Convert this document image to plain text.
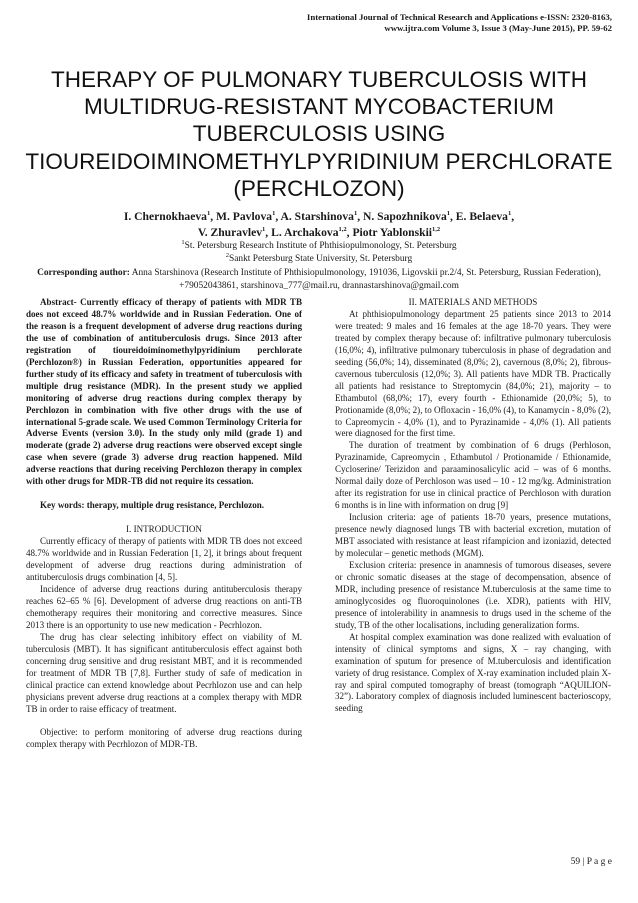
International Journal of Technical Research and Applications e-ISSN: 2320-8163,
www.ijtra.com Volume 3, Issue 3 (May-June 2015), PP. 59-62
THERAPY OF PULMONARY TUBERCULOSIS WITH MULTIDRUG-RESISTANT MYCOBACTERIUM TUBERCULOSIS USING TIOUREIDOIMINOMETHYLPYRIDINIUM PERCHLORATE (PERCHLOZON)
I. Chernokhaeva$^1$, M. Pavlova$^1$, A. Starshinova$^1$, N. Sapozhnikova$^1$, E. Belaeva$^1$,
V. Zhuravlev$^1$, L. Archakova$^{1,2}$, Piotr Yablonskii$^{1,2}$
$^1$St. Petersburg Research Institute of Phthisiopulmonology, St. Petersburg
$^2$Sankt Petersburg State University, St. Petersburg
Corresponding author: Anna Starshinova (Research Institute of Phthisiopulmonology, 191036, Ligovskii pr.2/4, St. Petersburg, Russian Federation), +79052043861, starshinova_777@mail.ru, drannastarshinova@gmail.com

Abstract- Currently efficacy of therapy of patients with MDR TB does not exceed 48.7% worldwide and in Russian Federation. One of the reason is a frequent development of adverse drug reactions during the use of combination of antituberculosis drugs. Since 2013 after registration of tioureidoiminomethylpyridinium perchlorate (Perchlozon®) in Russian Federation, opportunities appeared for further study of its efficacy and safety in treatment of tuberculosis with multiple drug resistance (MDR). In the present study we applied monitoring of adverse drug reactions during complex therapy by Perchlozon in combination with five other drugs with the use of international 5-grade scale. We used Common Terminology Criteria for Adverse Events (version 3.0). In the study only mild (grade 1) and moderate (grade 2) adverse drug reactions were observed except single case when severe (grade 3) adverse drug reaction happened. Mild adverse reactions that during receiving Perchlozon therapy in complex with other drugs for MDR-TB did not require its cessation.

Key words: therapy, multiple drug resistance, Perchlozon.

I. INTRODUCTION

Currently efficacy of therapy of patients with MDR TB does not exceed 48.7% worldwide and in Russian Federation [1, 2], it brings about frequent development of adverse drug reactions during administration of antituberculosis drugs combination [4, 5].

Incidence of adverse drug reactions during antituberculosis therapy reaches 62–65 % [6]. Development of adverse drug reactions on anti-TB chemotherapy requires their monitoring and corrective measures. Since 2013 there is an opportunity to use new medication - Pecrhlozon.

The drug has clear selecting inhibitory effect on viability of M. tuberculosis (MBT). It has significant antituberculosis effect against both concerning drug sensitive and drug resistant MBT, and it is recommended for treatment of MDR TB [7,8]. Further study of safe of medication in clinical practice can extend knowledge about Pecrhlozon use and can help physicians prevent adverse drug reactions at a complex therapy with MDR TB in order to raise efficacy of treatment.

Objective: to perform monitoring of adverse drug reactions during complex therapy with Pecrhlozon of MDR-TB.

II. MATERIALS AND METHODS

At phthisiopulmonology department 25 patients since 2013 to 2014 were treated: 9 males and 16 females at the age 18-70 years. They were treated by complex therapy because of: infiltrative pulmonary tuberculosis (16,0%; 4), infiltrative pulmonary tuberculosis in phase of degradation and seeding (56,0%; 14), disseminated (8,0%; 2), cavernous (8,0%; 2), fibrous- cavernous tuberculosis (12,0%; 3). All patients have MDR TB. Practically all patients had resistance to Streptomycin (84,0%; 21), majority – to Ethambutol (68,0%; 17), every fourth - Ethionamide (20,0%; 5), to Protionamide (8,0%; 2), to Ofloxacin - 16,0% (4), to Kanamycin - 8,0% (2), to Capreomycin - 4,0% (1), and to Pyrazinamide - 4,0% (1). All patients were diagnosed for the first time.

The duration of treatment by combination of 6 drugs (Perhloson, Pyrazinamide, Capreomycin , Ethambutol / Protionamide / Ethionamide, Cycloserine/ Terizidon and paraaminosalicylic acid – was of 6 months. Normal daily doze of Perchloson was used – 10 - 12 mg/kg. Administration after its registration for use in clinical practice of Perchloson with duration 6 months is in line with information on drug [9]

Inclusion criteria: age of patients 18-70 years, presence mutations, presence newly diagnosed lungs TB with bacterial excretion, mutation of MBT associated with resistance at least rifampicion and izoniazid, detected by molecular – genetic methods (MGM).

Exclusion criteria: presence in anamnesis of tumorous diseases, severe or chronic somatic diseases at the stage of decompensation, absence of MDR, including presence of resistance M.tuberculosis at the same time to aminoglycosides og fluoroquinolones (i.e. XDR), patients with HIV, presence of intolerability in anamnesis to drugs used in the scheme of the study, TB of the other localisations, including generalization forms.

At hospital complex examination was done realized with evaluation of intensity of clinical symptoms and signs, X – ray changing, with examination of sputum for presence of M.tuberculosis and identification variety of drug resistance. Complex of X-ray examination included plain X-ray and spiral computed tomography of breast (tomograph “AQUILION-32”). Laboratory complex of diagnosis included luminescent bacterioscopy, seeding

59 | P a g e
